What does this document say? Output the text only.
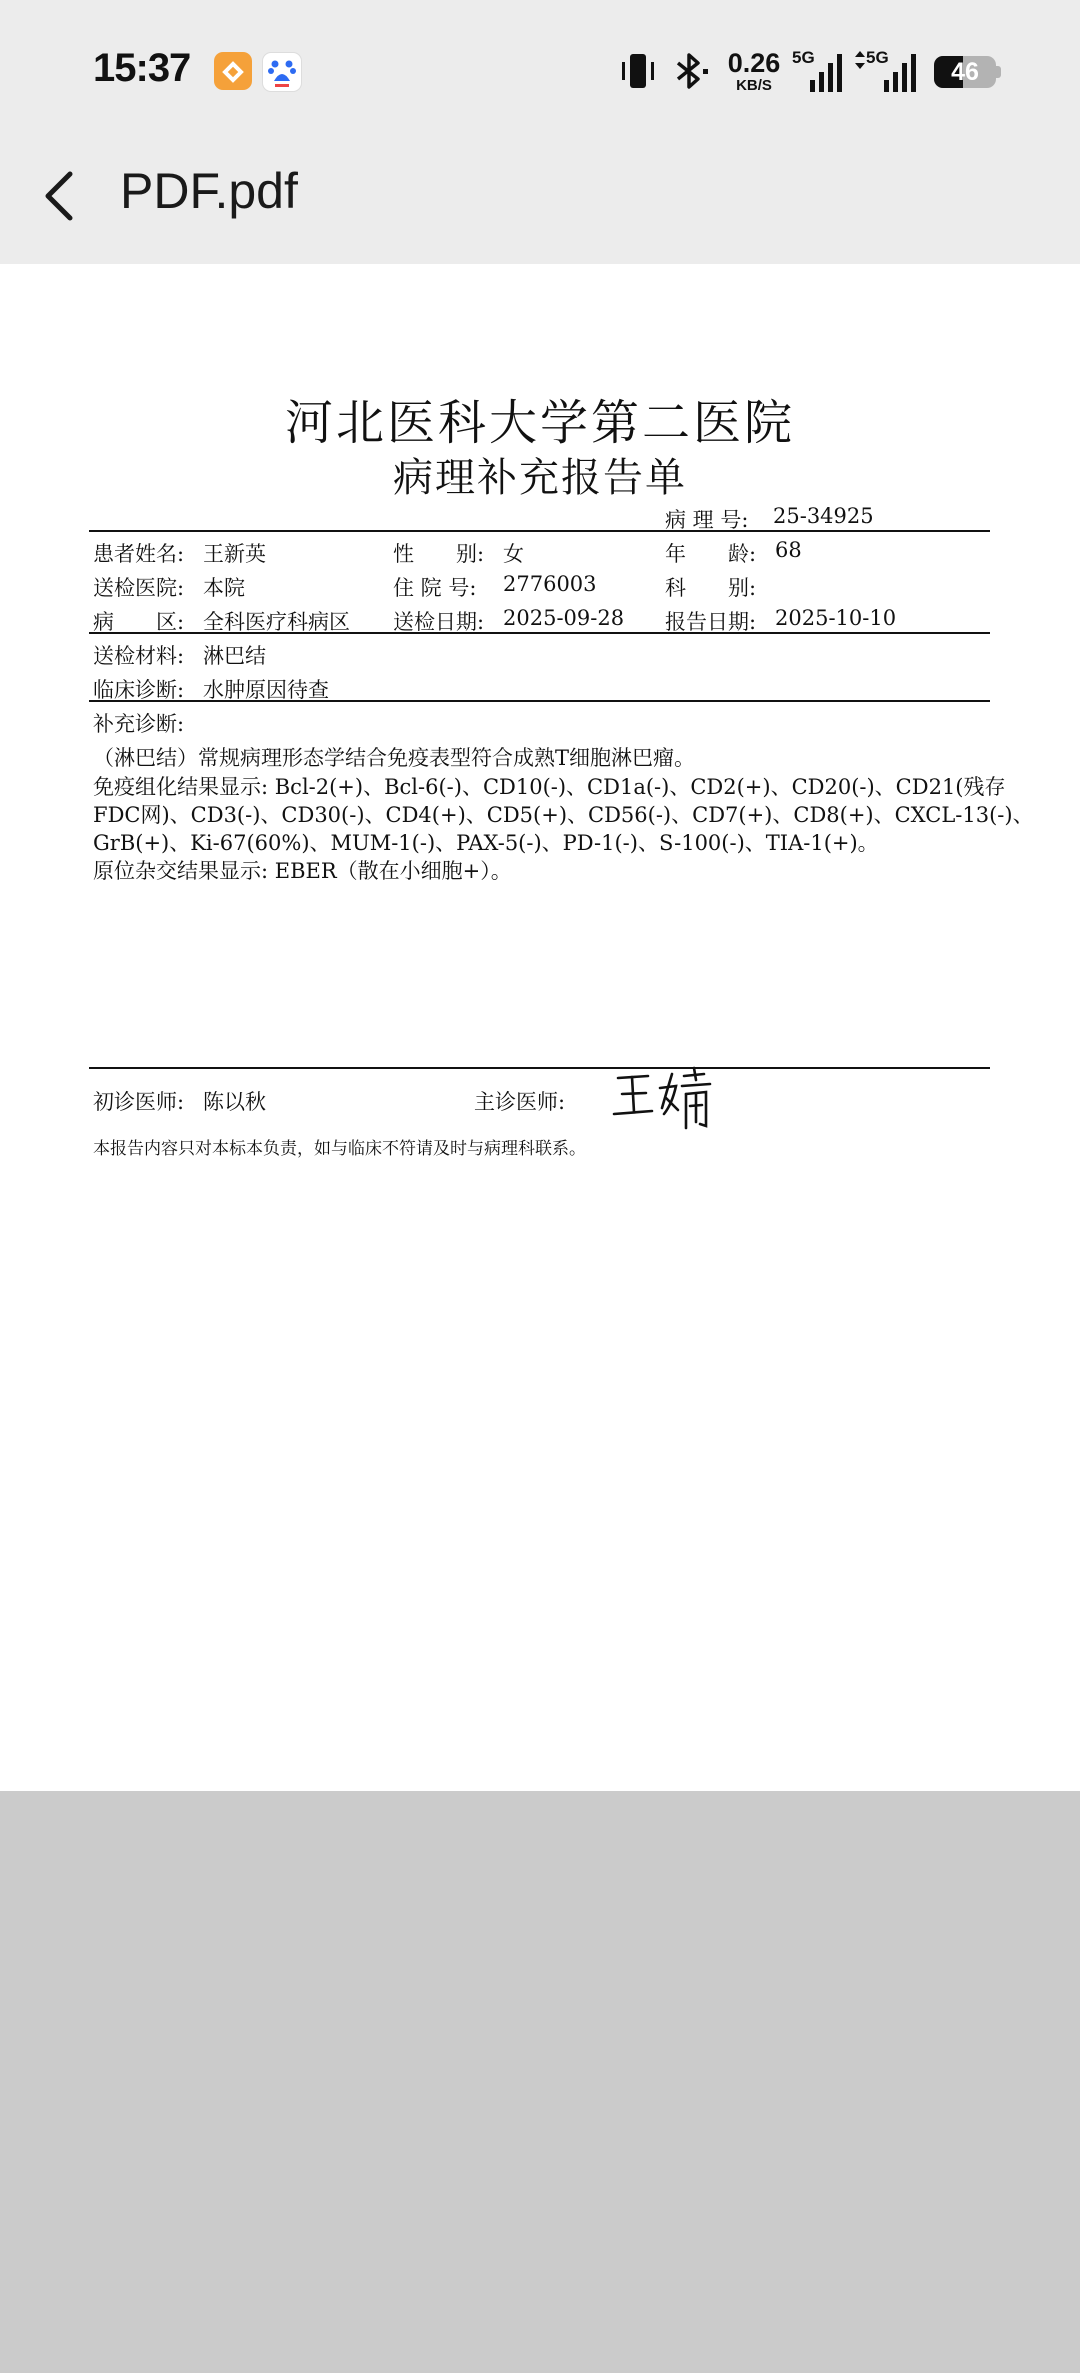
15:37	0.26
KB/S
5G	5G
46
PDF.pdf
河北医科大学第二医院
病理补充报告单
病 理 号: 25-34925
患者姓名: 王新英	性　　别: 女	年　　龄: 68
送检医院: 本院	住 院 号: 2776003	科　　别:
病　　区: 全科医疗科病区 送检日期: 2025-09-28 报告日期: 2025-10-10
送检材料: 淋巴结
临床诊断: 水肿原因待查
补充诊断:
（淋巴结）常规病理形态学结合免疫表型符合成熟T细胞淋巴瘤。
免疫组化结果显示: Bcl-2(+)、Bcl-6(-)、CD10(-)、CD1a(-)、CD2(+)、CD20(-)、CD21(残存
FDC网)、CD3(-)、CD30(-)、CD4(+)、CD5(+)、CD56(-)、CD7(+)、CD8(+)、CXCL-13(-)、
GrB(+)、Ki-67(60%)、MUM-1(-)、PAX-5(-)、PD-1(-)、S-100(-)、TIA-1(+)。
原位杂交结果显示: EBER（散在小细胞+）。
初诊医师: 陈以秋	主诊医师:
本报告内容只对本标本负责，如与临床不符请及时与病理科联系。
